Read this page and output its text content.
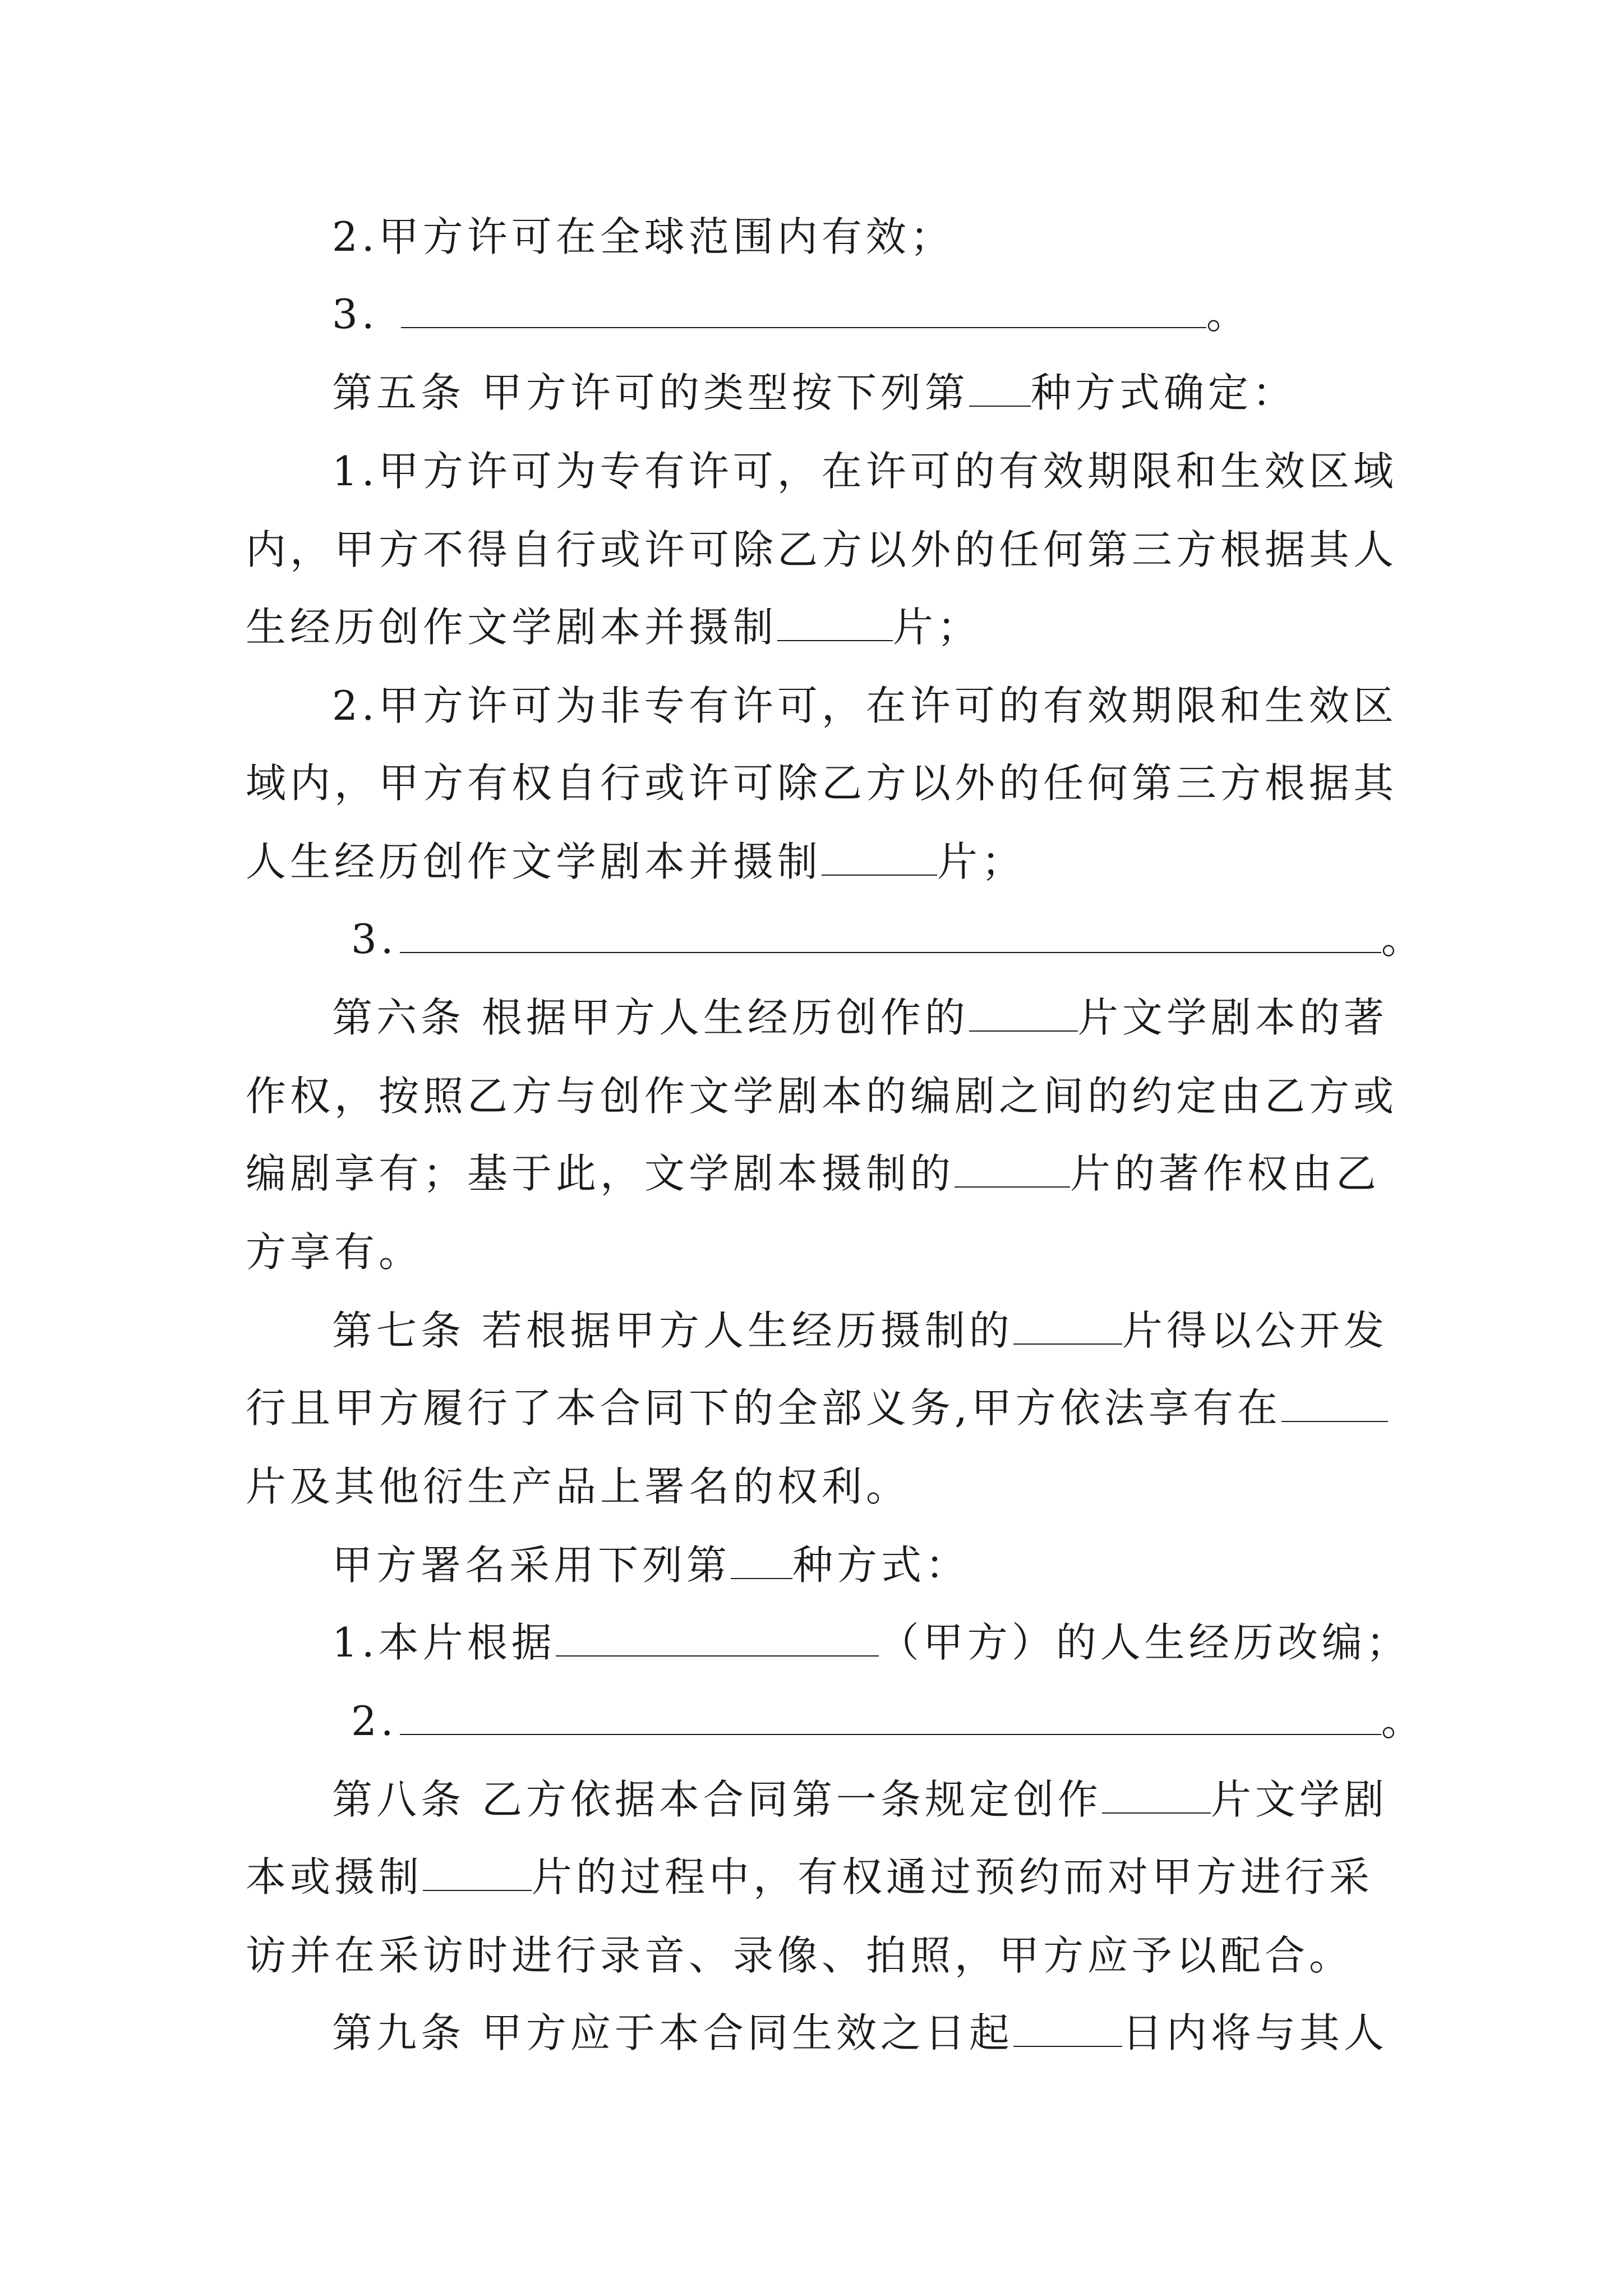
2.甲方许可在全球范围内有效；
3.	。
第五条 甲方许可的类型按下列第 种方式确定：
1.甲方许可为专有许可，在许可的有效期限和生效区域
内，甲方不得自行或许可除乙方以外的任何第三方根据其人
生经历创作文学剧本并摄制	片；
2.甲方许可为非专有许可，在许可的有效期限和生效区
域内，甲方有权自行或许可除乙方以外的任何第三方根据其
人生经历创作文学剧本并摄制	片；
3.	。
第六条 根据甲方人生经历创作的	片文学剧本的著
作权，按照乙方与创作文学剧本的编剧之间的约定由乙方或
编剧享有；基于此，文学剧本摄制的	片的著作权由乙
方享有。
第七条 若根据甲方人生经历摄制的	片得以公开发
行且甲方履行了本合同下的全部义务,甲方依法享有在
片及其他衍生产品上署名的权利。
甲方署名采用下列第 种方式：
1.本片根据	（甲方）的人生经历改编；
2.	。
第八条 乙方依据本合同第一条规定创作	片文学剧
本或摄制	片的过程中，有权通过预约而对甲方进行采
访并在采访时进行录音、录像、拍照，甲方应予以配合。
第九条 甲方应于本合同生效之日起	日内将与其人
